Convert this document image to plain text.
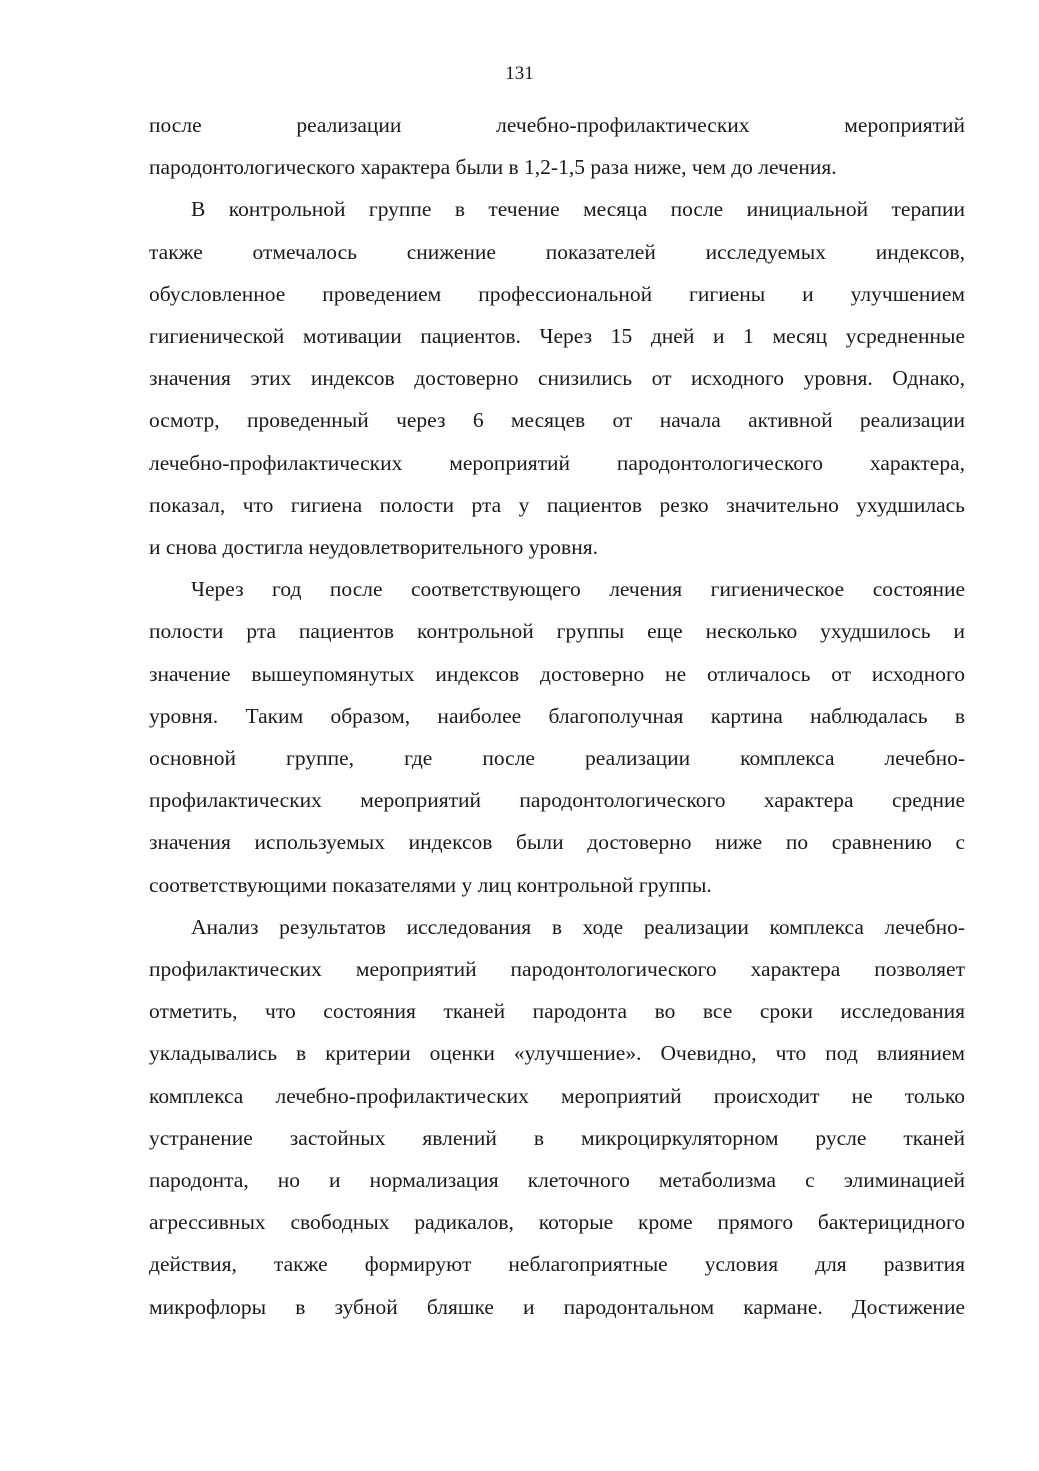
131

после реализации лечебно-профилактических мероприятий
пародонтологического характера были в 1,2-1,5 раза ниже, чем до лечения.

В контрольной группе в течение месяца после инициальной терапии
также отмечалось снижение показателей исследуемых индексов,
обусловленное проведением профессиональной гигиены и улучшением
гигиенической мотивации пациентов. Через 15 дней и 1 месяц усредненные
значения этих индексов достоверно снизились от исходного уровня. Однако,
осмотр, проведенный через 6 месяцев от начала активной реализации
лечебно-профилактических мероприятий пародонтологического характера,
показал, что гигиена полости рта у пациентов резко значительно ухудшилась
и снова достигла неудовлетворительного уровня.

Через год после соответствующего лечения гигиеническое состояние
полости рта пациентов контрольной группы еще несколько ухудшилось и
значение вышеупомянутых индексов достоверно не отличалось от исходного
уровня. Таким образом, наиболее благополучная картина наблюдалась в
основной группе, где после реализации комплекса лечебно-
профилактических мероприятий пародонтологического характера средние
значения используемых индексов были достоверно ниже по сравнению с
соответствующими показателями у лиц контрольной группы.

Анализ результатов исследования в ходе реализации комплекса лечебно-
профилактических мероприятий пародонтологического характера позволяет
отметить, что состояния тканей пародонта во все сроки исследования
укладывались в критерии оценки «улучшение». Очевидно, что под влиянием
комплекса лечебно-профилактических мероприятий происходит не только
устранение застойных явлений в микроциркуляторном русле тканей
пародонта, но и нормализация клеточного метаболизма с элиминацией
агрессивных свободных радикалов, которые кроме прямого бактерицидного
действия, также формируют неблагоприятные условия для развития
микрофлоры в зубной бляшке и пародонтальном кармане. Достижение
